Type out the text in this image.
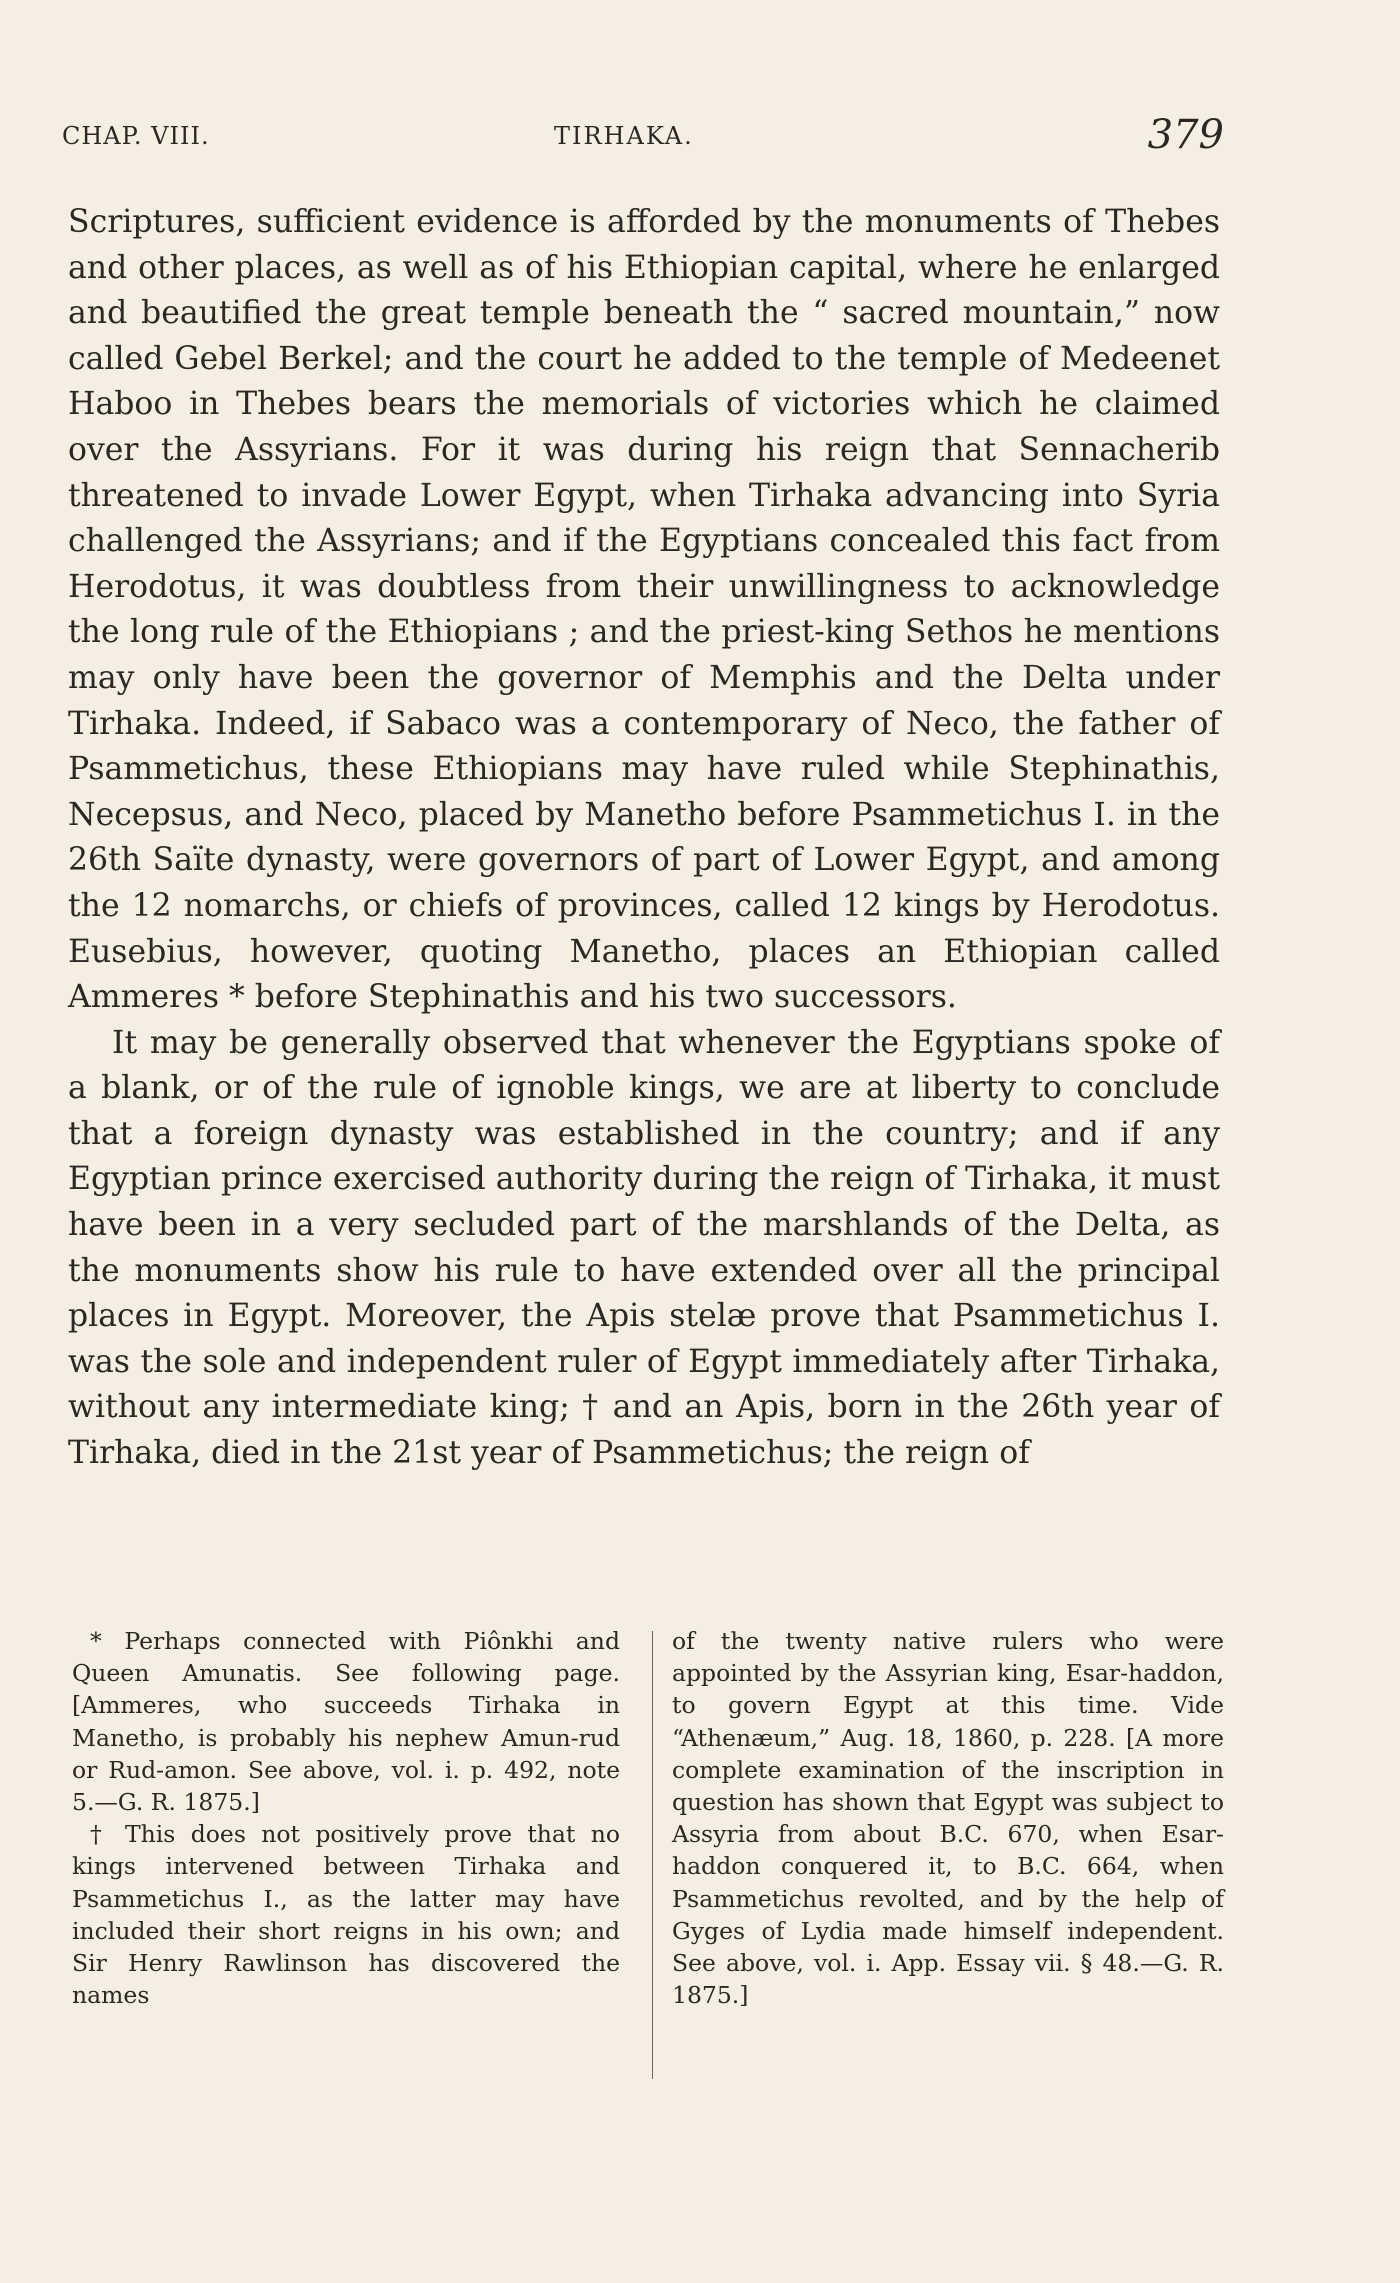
CHAP. VIII.	TIRHAKA.	379

Scriptures, sufficient evidence is afforded by the monuments of Thebes and other places, as well as of his Ethiopian capital, where he enlarged and beautified the great temple beneath the “ sacred mountain,” now called Gebel Berkel; and the court he added to the temple of Medeenet Haboo in Thebes bears the memorials of victories which he claimed over the Assyrians. For it was during his reign that Sennacherib threatened to invade Lower Egypt, when Tirhaka advancing into Syria challenged the Assyrians; and if the Egyptians concealed this fact from Herodotus, it was doubtless from their unwillingness to acknowledge the long rule of the Ethiopians ; and the priest-king Sethos he mentions may only have been the governor of Memphis and the Delta under Tirhaka. Indeed, if Sabaco was a contemporary of Neco, the father of Psammetichus, these Ethiopians may have ruled while Stephinathis, Necepsus, and Neco, placed by Manetho before Psammetichus I. in the 26th Saïte dynasty, were governors of part of Lower Egypt, and among the 12 nomarchs, or chiefs of provinces, called 12 kings by Herodotus. Eusebius, however, quoting Manetho, places an Ethiopian called Ammeres * before Stephinathis and his two successors.

It may be generally observed that whenever the Egyptians spoke of a blank, or of the rule of ignoble kings, we are at liberty to conclude that a foreign dynasty was established in the country; and if any Egyptian prince exercised authority during the reign of Tirhaka, it must have been in a very secluded part of the marshlands of the Delta, as the monuments show his rule to have extended over all the principal places in Egypt. Moreover, the Apis stelæ prove that Psammetichus I. was the sole and independent ruler of Egypt immediately after Tirhaka, without any intermediate king; † and an Apis, born in the 26th year of Tirhaka, died in the 21st year of Psammetichus; the reign of

* Perhaps connected with Piônkhi and Queen Amunatis. See following page. [Ammeres, who succeeds Tirhaka in Manetho, is probably his nephew Amun-rud or Rud-amon. See above, vol. i. p. 492, note 5.—G. R. 1875.]

† This does not positively prove that no kings intervened between Tirhaka and Psammetichus I., as the latter may have included their short reigns in his own; and Sir Henry Rawlinson has discovered the names

of the twenty native rulers who were appointed by the Assyrian king, Esar-haddon, to govern Egypt at this time. Vide “Athenæum,” Aug. 18, 1860, p. 228. [A more complete examination of the inscription in question has shown that Egypt was subject to Assyria from about B.C. 670, when Esar-haddon conquered it, to B.C. 664, when Psammetichus revolted, and by the help of Gyges of Lydia made himself independent. See above, vol. i. App. Essay vii. § 48.—G. R. 1875.]
